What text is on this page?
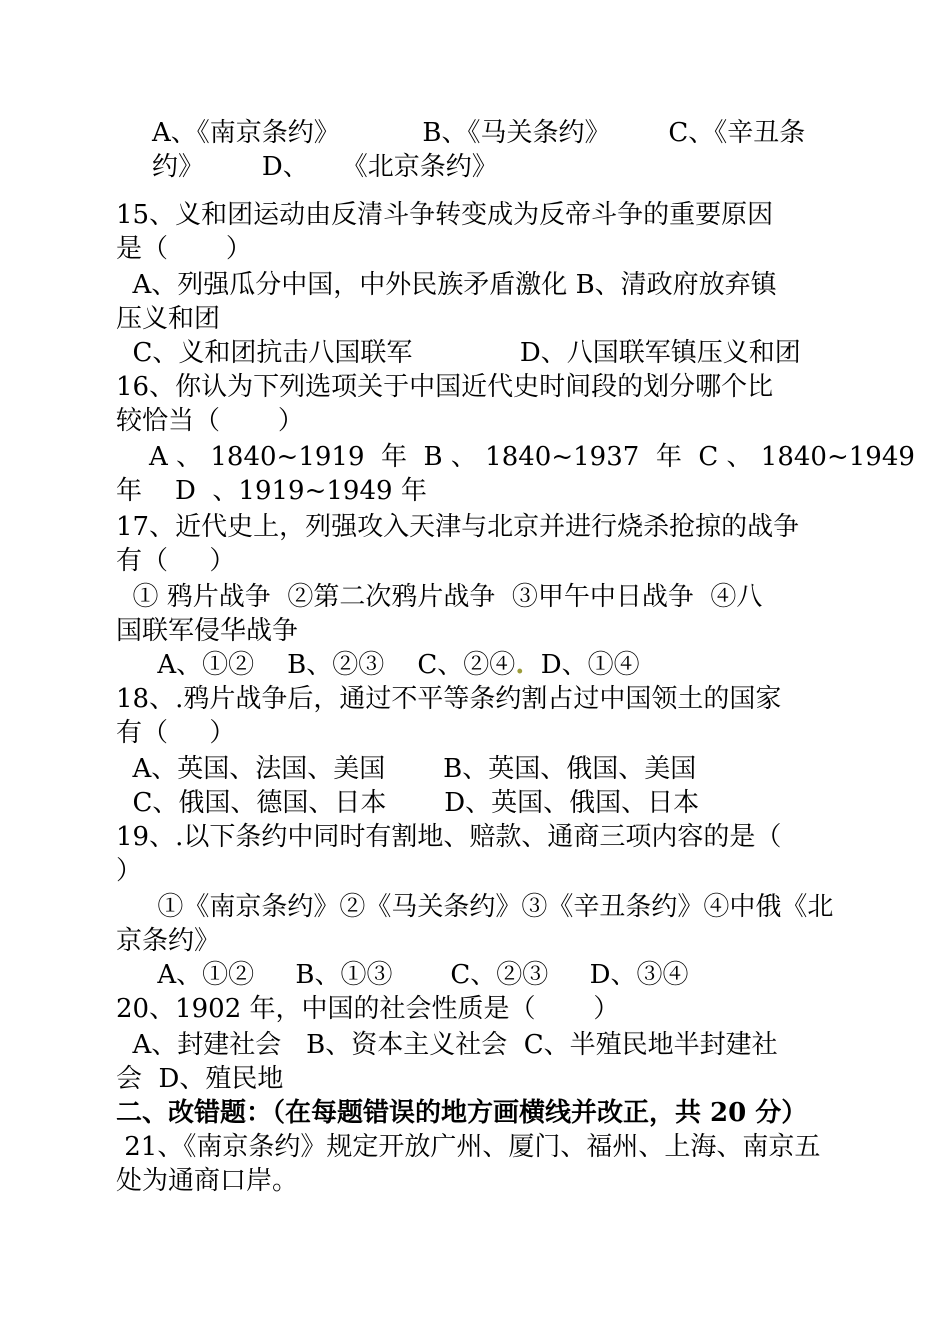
A、《南京条约》          B、《马关条约》       C、《辛丑条
约》       D、    《北京条约》
15、义和团运动由反清斗争转变成为反帝斗争的重要原因
是（       ）
A、列强瓜分中国，中外民族矛盾激化 B、清政府放弃镇
压义和团
C、义和团抗击八国联军             D、八国联军镇压义和团
16、你认为下列选项关于中国近代史时间段的划分哪个比
较恰当（       ）
A 、 1840~1919  年  B 、 1840~1937  年  C 、 1840~1949
年    D  、1919~1949 年
17、近代史上，列强攻入天津与北京并进行烧杀抢掠的战争
有（     ）
① 鸦片战争  ②第二次鸦片战争  ③甲午中日战争  ④八
国联军侵华战争
A、①②    B、②③    C、②④.  D、①④
18、.鸦片战争后，通过不平等条约割占过中国领土的国家
有（     ）
A、英国、法国、美国       B、英国、俄国、美国
C、俄国、德国、日本       D、英国、俄国、日本
19、.以下条约中同时有割地、赔款、通商三项内容的是（
）
①《南京条约》②《马关条约》③《辛丑条约》④中俄《北
京条约》
A、①②     B、①③       C、②③     D、③④
20、1902 年，中国的社会性质是（       ）
A、封建社会   B、资本主义社会  C、半殖民地半封建社
会  D、殖民地
二、改错题：（在每题错误的地方画横线并改正，共 20 分）
21、《南京条约》规定开放广州、厦门、福州、上海、南京五
处为通商口岸。
